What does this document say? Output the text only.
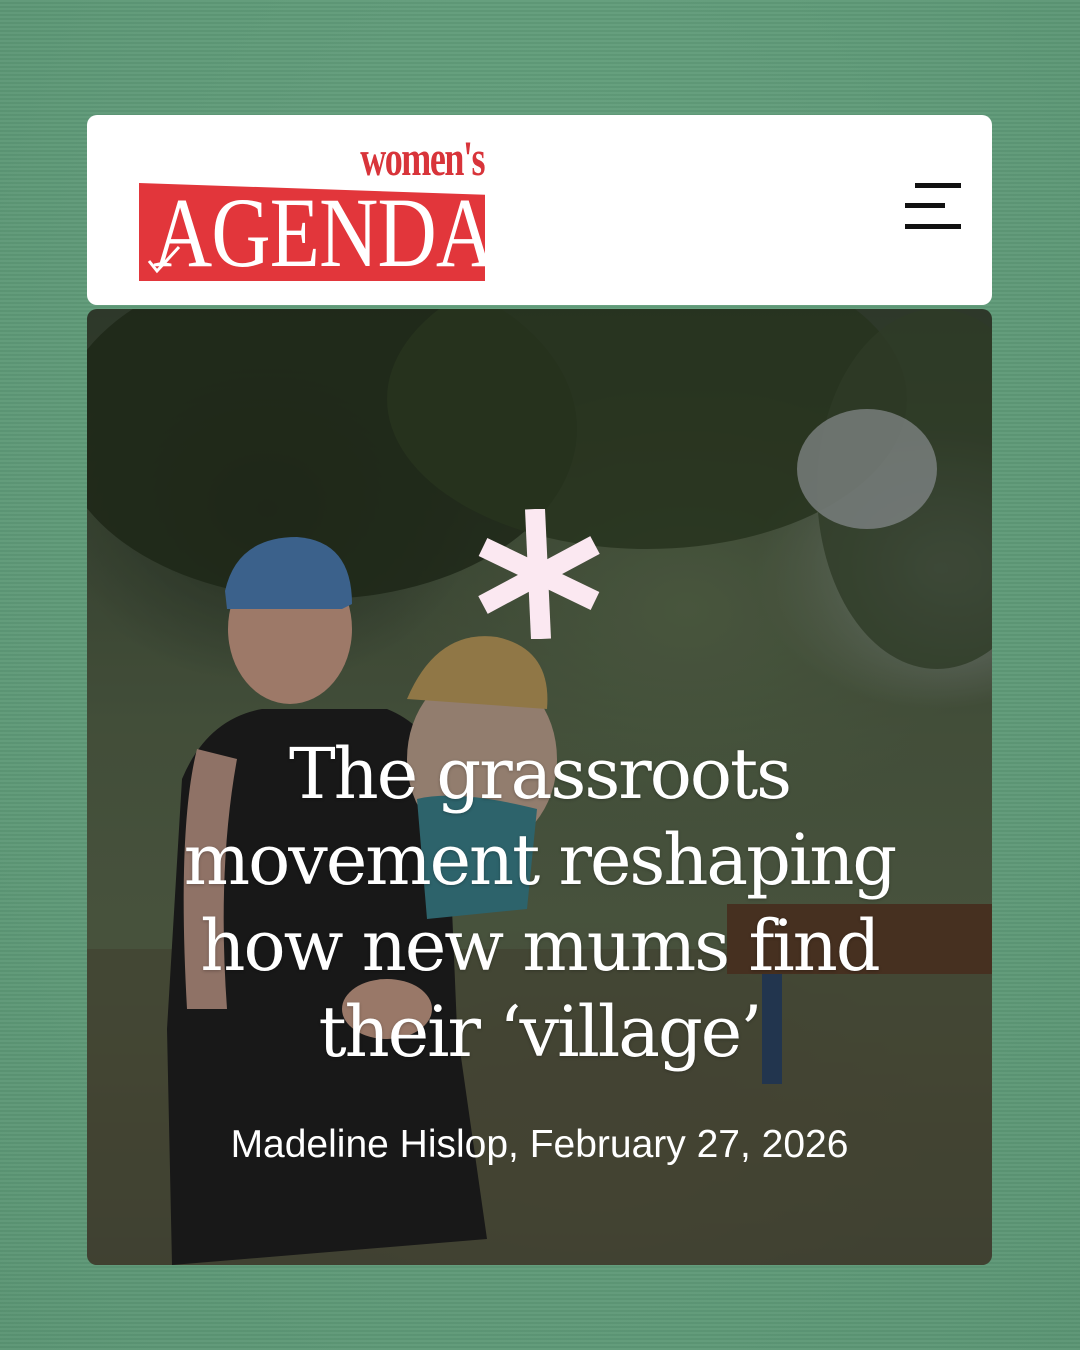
women's
AGENDA
The grassroots movement reshaping how new mums find their ‘village’
Madeline Hislop, February 27, 2026
